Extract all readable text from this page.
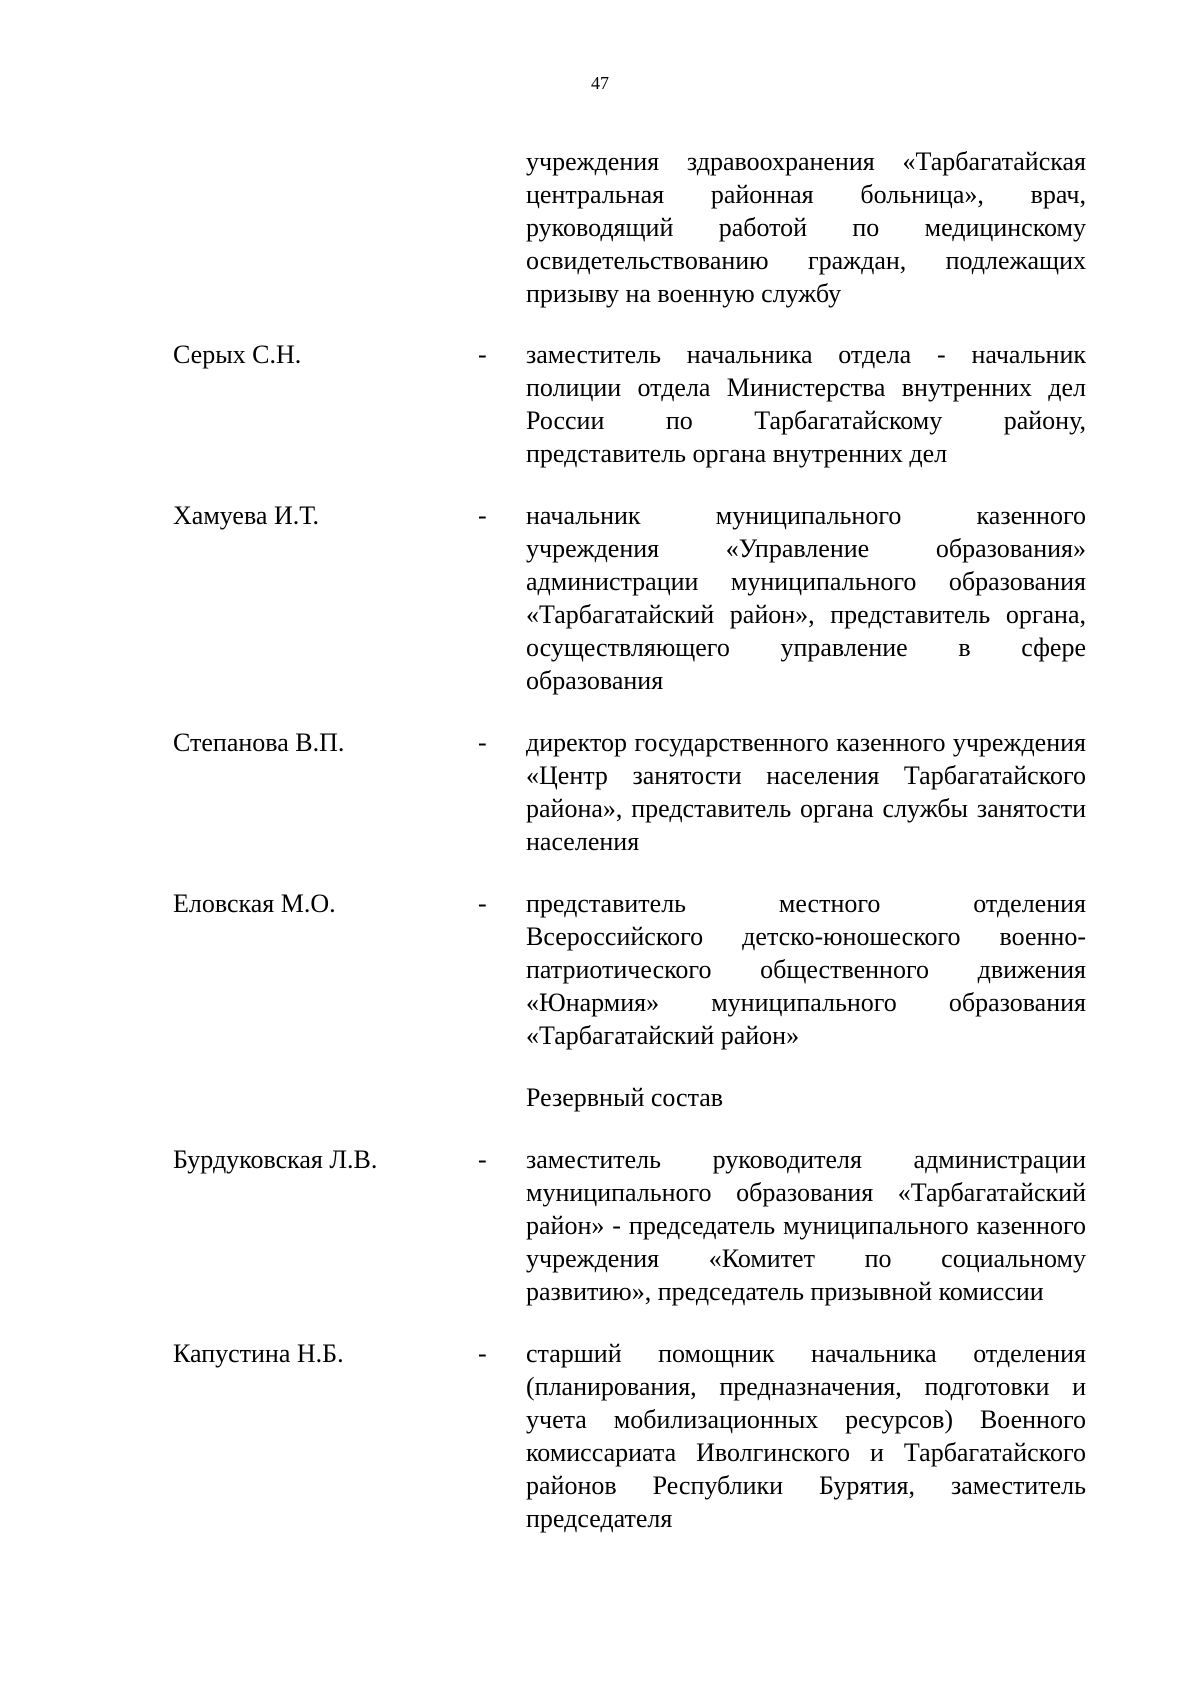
47
учреждения здравоохранения «Тарбагатайская центральная районная больница», врач, руководящий работой по медицинскому освидетельствованию граждан, подлежащих призыву на военную службу
Серых С.Н.	- заместитель начальника отдела - начальник полиции отдела Министерства внутренних дел России по Тарбагатайскому району, представитель органа внутренних дел
Хамуева И.Т.	- начальник муниципального казенного учреждения «Управление образования» администрации муниципального образования «Тарбагатайский район», представитель органа, осуществляющего управление в сфере образования
Степанова В.П.	- директор государственного казенного учреждения «Центр занятости населения Тарбагатайского района», представитель органа службы занятости населения
Еловская М.О.	- представитель местного отделения Всероссийского детско-юношеского военно-патриотического общественного движения «Юнармия» муниципального образования «Тарбагатайский район»
Резервный состав
Бурдуковская Л.В.	- заместитель руководителя администрации муниципального образования «Тарбагатайский район» - председатель муниципального казенного учреждения «Комитет по социальному развитию», председатель призывной комиссии
Капустина Н.Б.	- старший помощник начальника отделения (планирования, предназначения, подготовки и учета мобилизационных ресурсов) Военного комиссариата Иволгинского и Тарбагатайского районов Республики Бурятия, заместитель председателя
